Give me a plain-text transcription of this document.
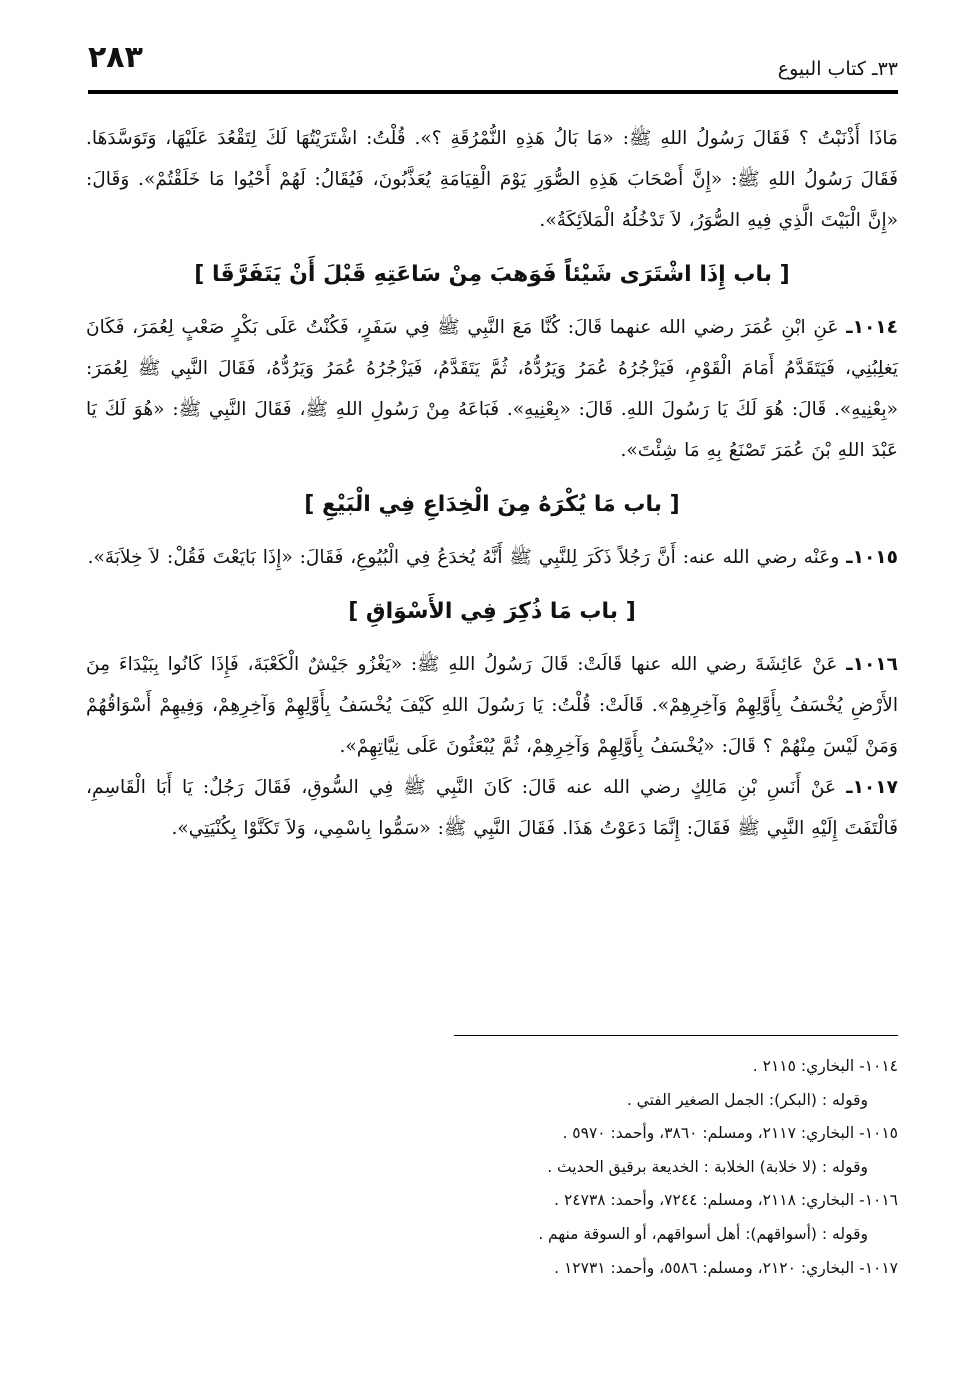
٢٨٣	٣٣ـ كتاب البيوع

مَاذَا أَذْنَبْتُ ؟ فَقَالَ رَسُولُ اللهِ ﷺ: «مَا بَالُ هَذِهِ النُّمْرُقَةِ ؟». قُلْتُ: اشْتَرَيْتُهَا لَكَ لِتَقْعُدَ عَلَيْهَا، وَتَوَسَّدَهَا. فَقَالَ رَسُولُ اللهِ ﷺ: «إِنَّ أَصْحَابَ هَذِهِ الصُّوَرِ يَوْمَ الْقِيَامَةِ يُعَذَّبُونَ، فَيُقَالُ: لَهُمْ أَحْيُوا مَا خَلَقْتُمْ». وَقَالَ: «إِنَّ الْبَيْتَ الَّذِي فِيهِ الصُّوَرُ، لاَ تَدْخُلُهُ الْمَلاَئِكَةُ».

[ باب إِذَا اشْتَرَى شَيْئاً فَوَهبَ مِنْ سَاعَتِهِ قَبْلَ أَنْ يَتَفَرَّقَا ]

١٠١٤ـ عَنِ ابْنِ عُمَرَ رضي الله عنهما قَالَ: كُنَّا مَعَ النَّبِي ﷺ فِي سَفَرٍ، فَكُنْتُ عَلَى بَكْرٍ صَعْبٍ لِعُمَرَ، فَكَانَ يَغلِبُنِي، فَيَتَقَدَّمُ أَمَامَ الْقَوْمِ، فَيَزْجُرُهُ عُمَرُ وَيَرُدُّهُ، ثُمَّ يَتَقَدَّمُ، فَيَزْجُرُهُ عُمَرُ وَيَرُدُّهُ، فَقَالَ النَّبِي ﷺ لِعُمَرَ: «بِعْنِيهِ». قَالَ: هُوَ لَكَ يَا رَسُولَ اللهِ. قَالَ: «بِعْنِيهِ». فَبَاعَهُ مِنْ رَسُولِ اللهِ ﷺ، فَقَالَ النَّبِي ﷺ: «هُوَ لَكَ يَا عَبْدَ اللهِ بْنَ عُمَرَ تَصْنَعُ بِهِ مَا شِئْتَ».

[ باب مَا يُكْرَهُ مِنَ الْخِدَاعِ فِي الْبَيْعِ ]

١٠١٥ـ وعَنْه رضي الله عنه: أَنَّ رَجُلاً ذَكَرَ لِلنَّبِي ﷺ أَنَّهُ يُخدَعُ فِي الْبُيُوعِ، فَقَالَ: «إِذَا بَايَعْتَ فَقُلْ: لاَ خِلاَبَةَ».

[ باب مَا ذُكِرَ فِي الأَسْوَاقِ ]

١٠١٦ـ عَنْ عَائِشَةَ رضي الله عنها قَالَتْ: قَالَ رَسُولُ اللهِ ﷺ: «يَغْزُو جَيْشٌ الْكَعْبَةَ، فَإِذَا كَانُوا بِبَيْدَاءَ مِنَ الأَرْضِ يُخْسَفُ بِأَوَّلِهِمْ وَآخِرِهِمْ». قَالَتْ: قُلْتُ: يَا رَسُولَ اللهِ كَيْفَ يُخْسَفُ بِأَوَّلِهِمْ وَآخِرِهِمْ، وَفِيهِمْ أَسْوَاقُهُمْ وَمَنْ لَيْسَ مِنْهُمْ ؟ قَالَ: «يُخْسَفُ بِأَوَّلِهِمْ وَآخِرِهِمْ، ثُمَّ يُبْعَثُونَ عَلَى نِيَّاتِهِمْ».

١٠١٧ـ عَنْ أَنَسِ بْنِ مَالِكٍ رضي الله عنه قَالَ: كَانَ النَّبِي ﷺ فِي السُّوقِ، فَقَالَ رَجُلٌ: يَا أَبَا الْقَاسِمِ، فَالْتَفَتَ إِلَيْهِ النَّبِي ﷺ فَقَالَ: إِنَّمَا دَعَوْتُ هَذَا. فَقَالَ النَّبِي ﷺ: «سَمُّوا بِاسْمِي، وَلاَ تَكَنَّوْا بِكُنْيَتِي».

١٠١٤- البخاري: ٢١١٥ .
وقوله : (البكر): الجمل الصغير الفتي .
١٠١٥- البخاري: ٢١١٧، ومسلم: ٣٨٦٠، وأحمد: ٥٩٧٠ .
وقوله : (لا خلابة) الخلابة : الخديعة برقيق الحديث .
١٠١٦- البخاري: ٢١١٨، ومسلم: ٧٢٤٤، وأحمد: ٢٤٧٣٨ .
وقوله : (أسواقهم): أهل أسواقهم، أو السوقة منهم .
١٠١٧- البخاري: ٢١٢٠، ومسلم: ٥٥٨٦، وأحمد: ١٢٧٣١ .
